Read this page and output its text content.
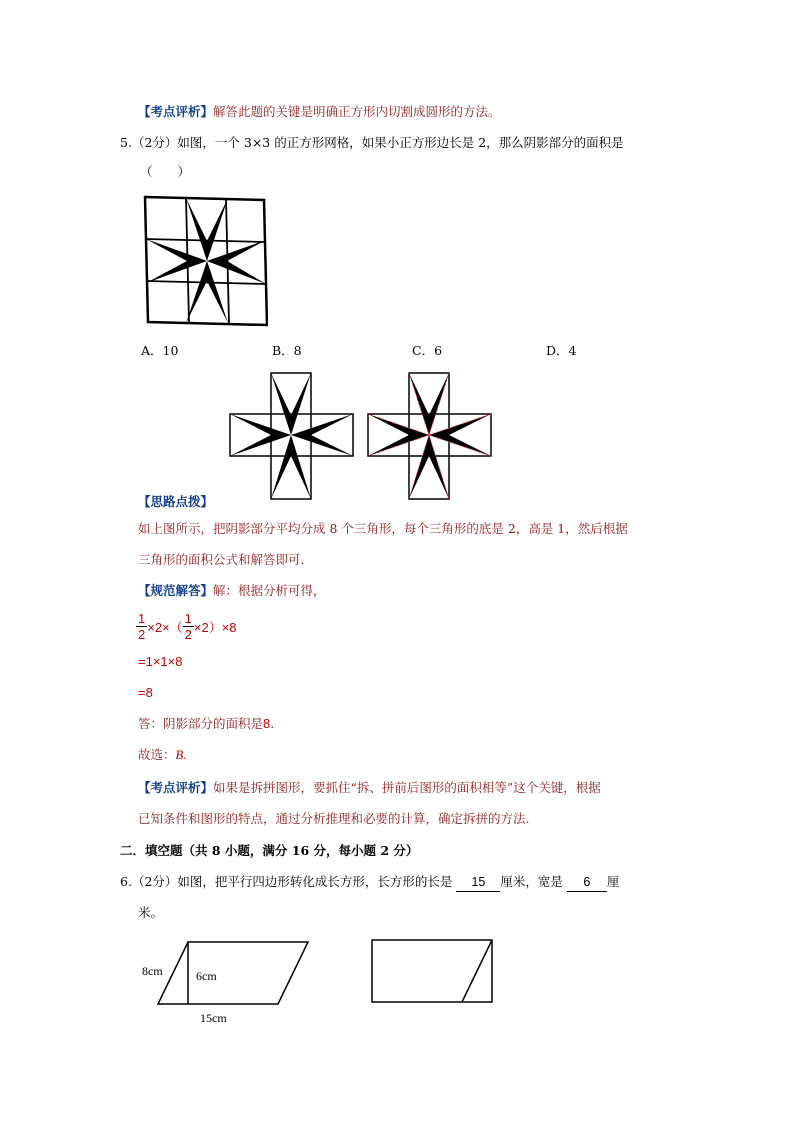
【考点评析】解答此题的关键是明确正方形内切割成圆形的方法。
5.（2分）如图，一个 3×3 的正方形网格，如果小正方形边长是 2，那么阴影部分的面积是
（　　）
A．10	B．8	C．6	D．4
【思路点拨】
如上图所示，把阴影部分平均分成 8 个三角形，每个三角形的底是 2，高是 1，然后根据
三角形的面积公式和解答即可.
【规范解答】解：根据分析可得，
$\frac{1}{2} \times 2\times( \frac{1}{2} \times 2)\times 8$
=1×1×8
=8
答：阴影部分的面积是8.
故选：B.
【考点评析】如果是拆拼图形，要抓住“拆、拼前后图形的面积相等”这个关键，根据
已知条件和图形的特点，通过分析推理和必要的计算，确定拆拼的方法.
二．填空题（共 8 小题，满分 16 分，每小题 2 分）
6.（2分）如图，把平行四边形转化成长方形，长方形的长是 15 厘米，宽是 6 厘
米。
8cm	6cm
15cm
